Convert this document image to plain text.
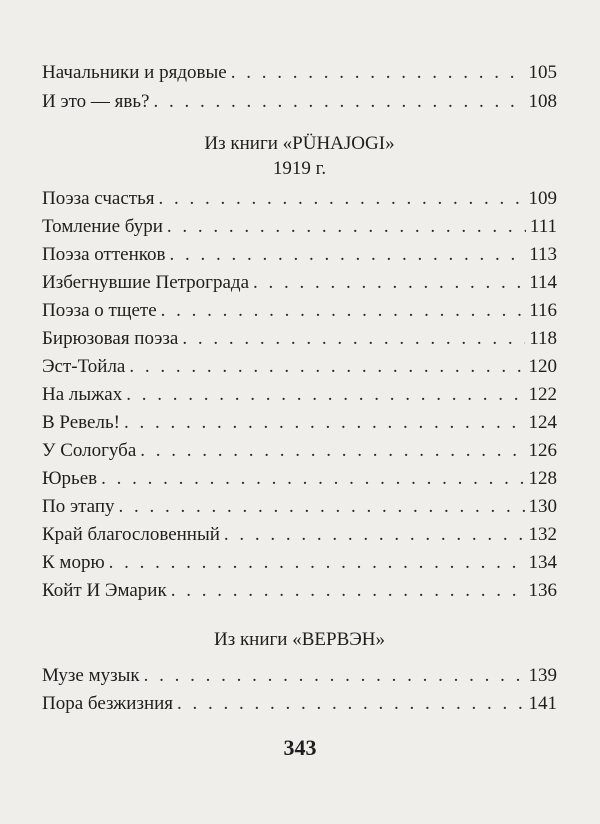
Начальники и рядовые . . .	105
И это — явь? . . .	108
Из книги «PÜHAJOGI»
1919 г.
Поэза счастья . . .	109
Томление бури . . .	111
Поэза оттенков . . .	113
Избегнувшие Петрограда . . .	114
Поэза о тщете . . .	116
Бирюзовая поэза . . .	118
Эст-Тойла . . .	120
На лыжах . . .	122
В Ревель! . . .	124
У Сологуба . . .	126
Юрьев . . .	128
По этапу . . .	130
Край благословенный . . .	132
К морю . . .	134
Койт И Эмарик . . .	136
Из книги «ВЕРВЭН»
Музе музык . . .	139
Пора безжизния . . .	141
343
